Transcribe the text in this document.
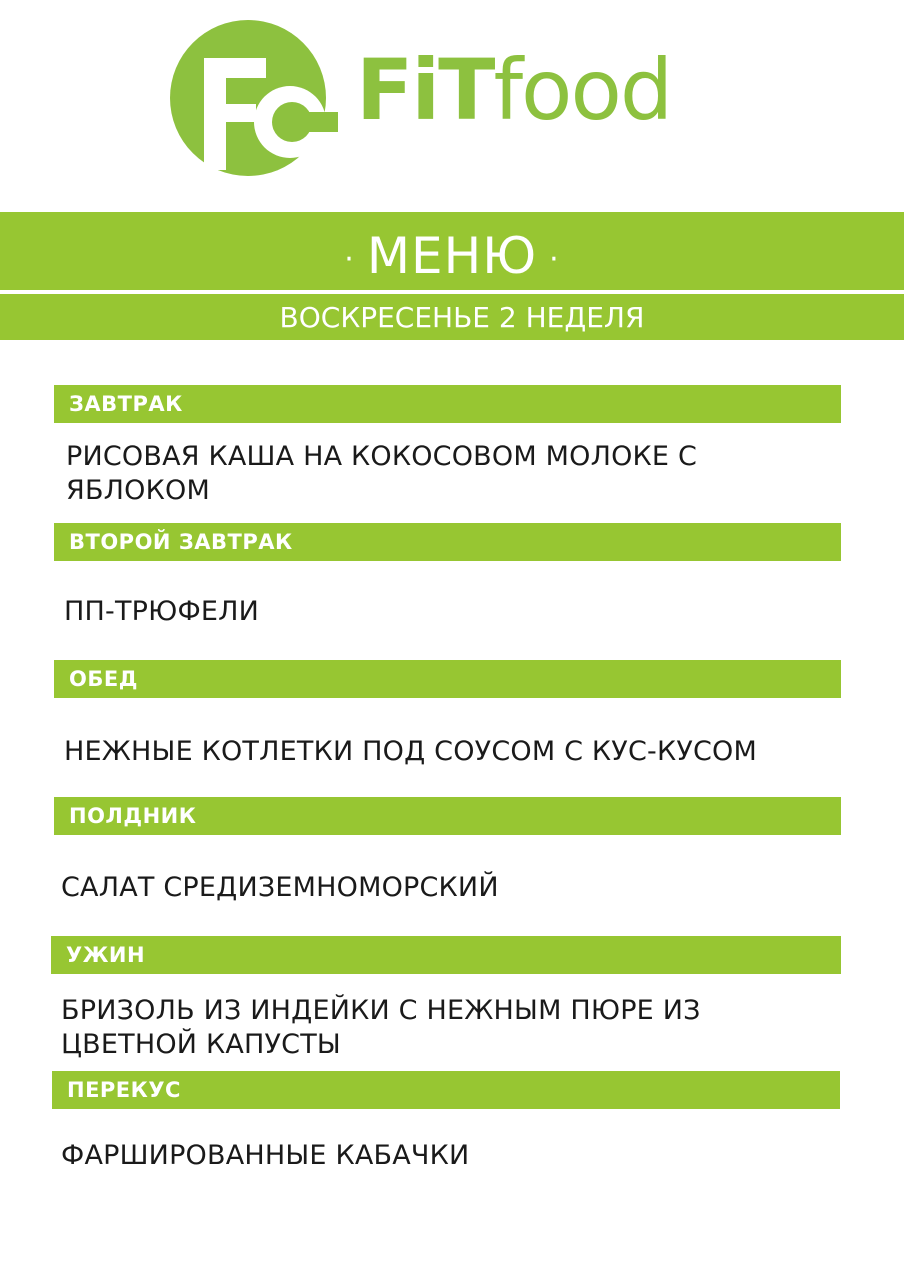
FiTfood
· МЕНЮ ·
ВОСКРЕСЕНЬЕ 2 НЕДЕЛЯ
ЗАВТРАК
РИСОВАЯ КАША НА КОКОСОВОМ МОЛОКЕ С ЯБЛОКОМ
ВТОРОЙ ЗАВТРАК
ПП-ТРЮФЕЛИ
ОБЕД
НЕЖНЫЕ КОТЛЕТКИ ПОД СОУСОМ С КУС-КУСОМ
ПОЛДНИК
САЛАТ СРЕДИЗЕМНОМОРСКИЙ
УЖИН
БРИЗОЛЬ ИЗ ИНДЕЙКИ С НЕЖНЫМ ПЮРЕ ИЗ ЦВЕТНОЙ КАПУСТЫ
ПЕРЕКУС
ФАРШИРОВАННЫЕ КАБАЧКИ
